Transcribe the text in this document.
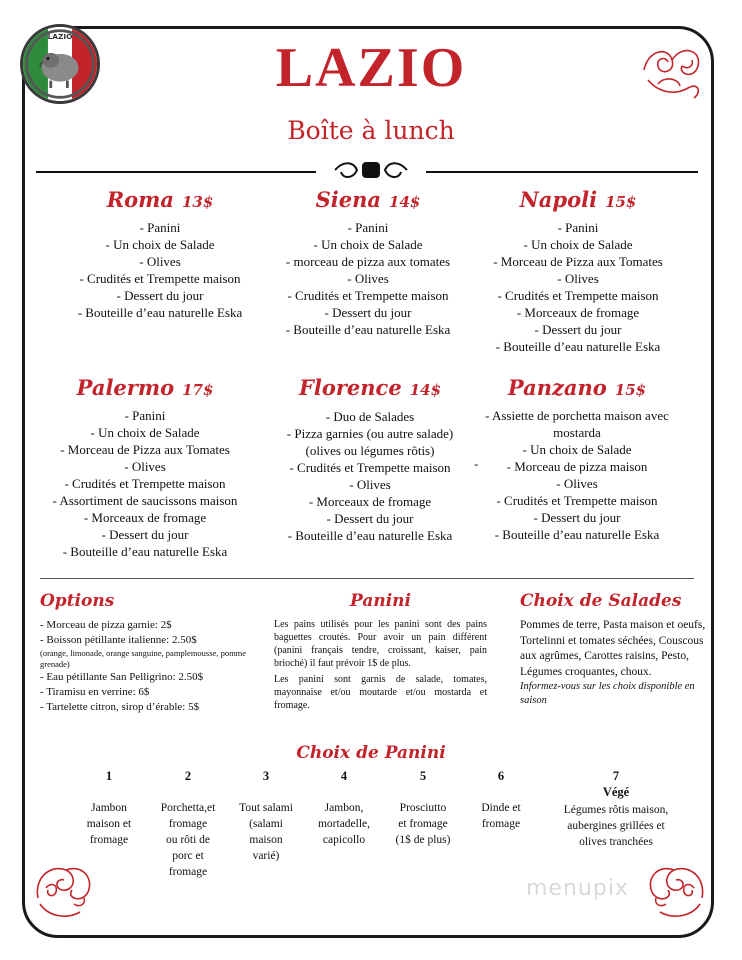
LAZIO
LAZIO
Boîte à lunch
Roma 13$
- Panini
- Un choix de Salade
- Olives
- Crudités et Trempette maison
- Dessert du jour
- Bouteille d’eau naturelle Eska
Siena 14$
- Panini
- Un choix de Salade
- morceau de pizza aux tomates
- Olives
- Crudités et Trempette maison
- Dessert du jour
- Bouteille d’eau naturelle Eska
Napoli 15$
- Panini
- Un choix de Salade
- Morceau de Pizza aux Tomates
- Olives
- Crudités et Trempette maison
- Morceaux de fromage
- Dessert du jour
- Bouteille d’eau naturelle Eska
Palermo 17$
- Panini
- Un choix de Salade
- Morceau de Pizza aux Tomates
- Olives
- Crudités et Trempette maison
- Assortiment de saucissons maison
- Morceaux de fromage
- Dessert du jour
- Bouteille d’eau naturelle Eska
Florence 14$
- Duo de Salades
- Pizza garnies (ou autre salade)
(olives ou légumes rôtis)
- Crudités et Trempette maison
- Olives
- Morceaux de fromage
- Dessert du jour
- Bouteille d’eau naturelle Eska
Panzano 15$
- Assiette de porchetta maison avec
mostarda
- Un choix de Salade
- Morceau de pizza maison
- Olives
- Crudités et Trempette maison
- Dessert du jour
- Bouteille d’eau naturelle Eska
-
Options
- Morceau de pizza garnie: 2$
- Boisson pétillante italienne: 2.50$
(orange, limonade, orange sanguine, pamplemousse, pomme grenade)
- Eau pétillante San Pelligrino: 2.50$
- Tiramisu en verrine: 6$
- Tartelette citron, sirop d’érable: 5$
Panini

Les pains utilisés pour les panini sont des pains baguettes croutés. Pour avoir un pain différent (panini français tendre, croissant, kaiser, pain brioché) il faut prévoir 1$ de plus.

Les panini sont garnis de salade, tomates, mayonnaise et/ou moutarde et/ou mostarda et fromage.

Choix de Salades
Pommes de terre, Pasta maison et oeufs, Tortelinni et tomates séchées, Couscous aux agrûmes, Carottes raisins, Pesto, Légumes croquantes, choux.
Informez-vous sur les choix disponible en saison
Choix de Panini
1
Jambon
maison et
fromage
2
Porchetta,et
fromage
ou rôti de
porc et
fromage
3
Tout salami
(salami
maison
varié)
4
Jambon,
mortadelle,
capicollo
5
Prosciutto
et fromage
(1$ de plus)
6
Dinde et
fromage
7
Végé
Légumes rôtis maison,
aubergines grillées et
olives tranchées
menupix
